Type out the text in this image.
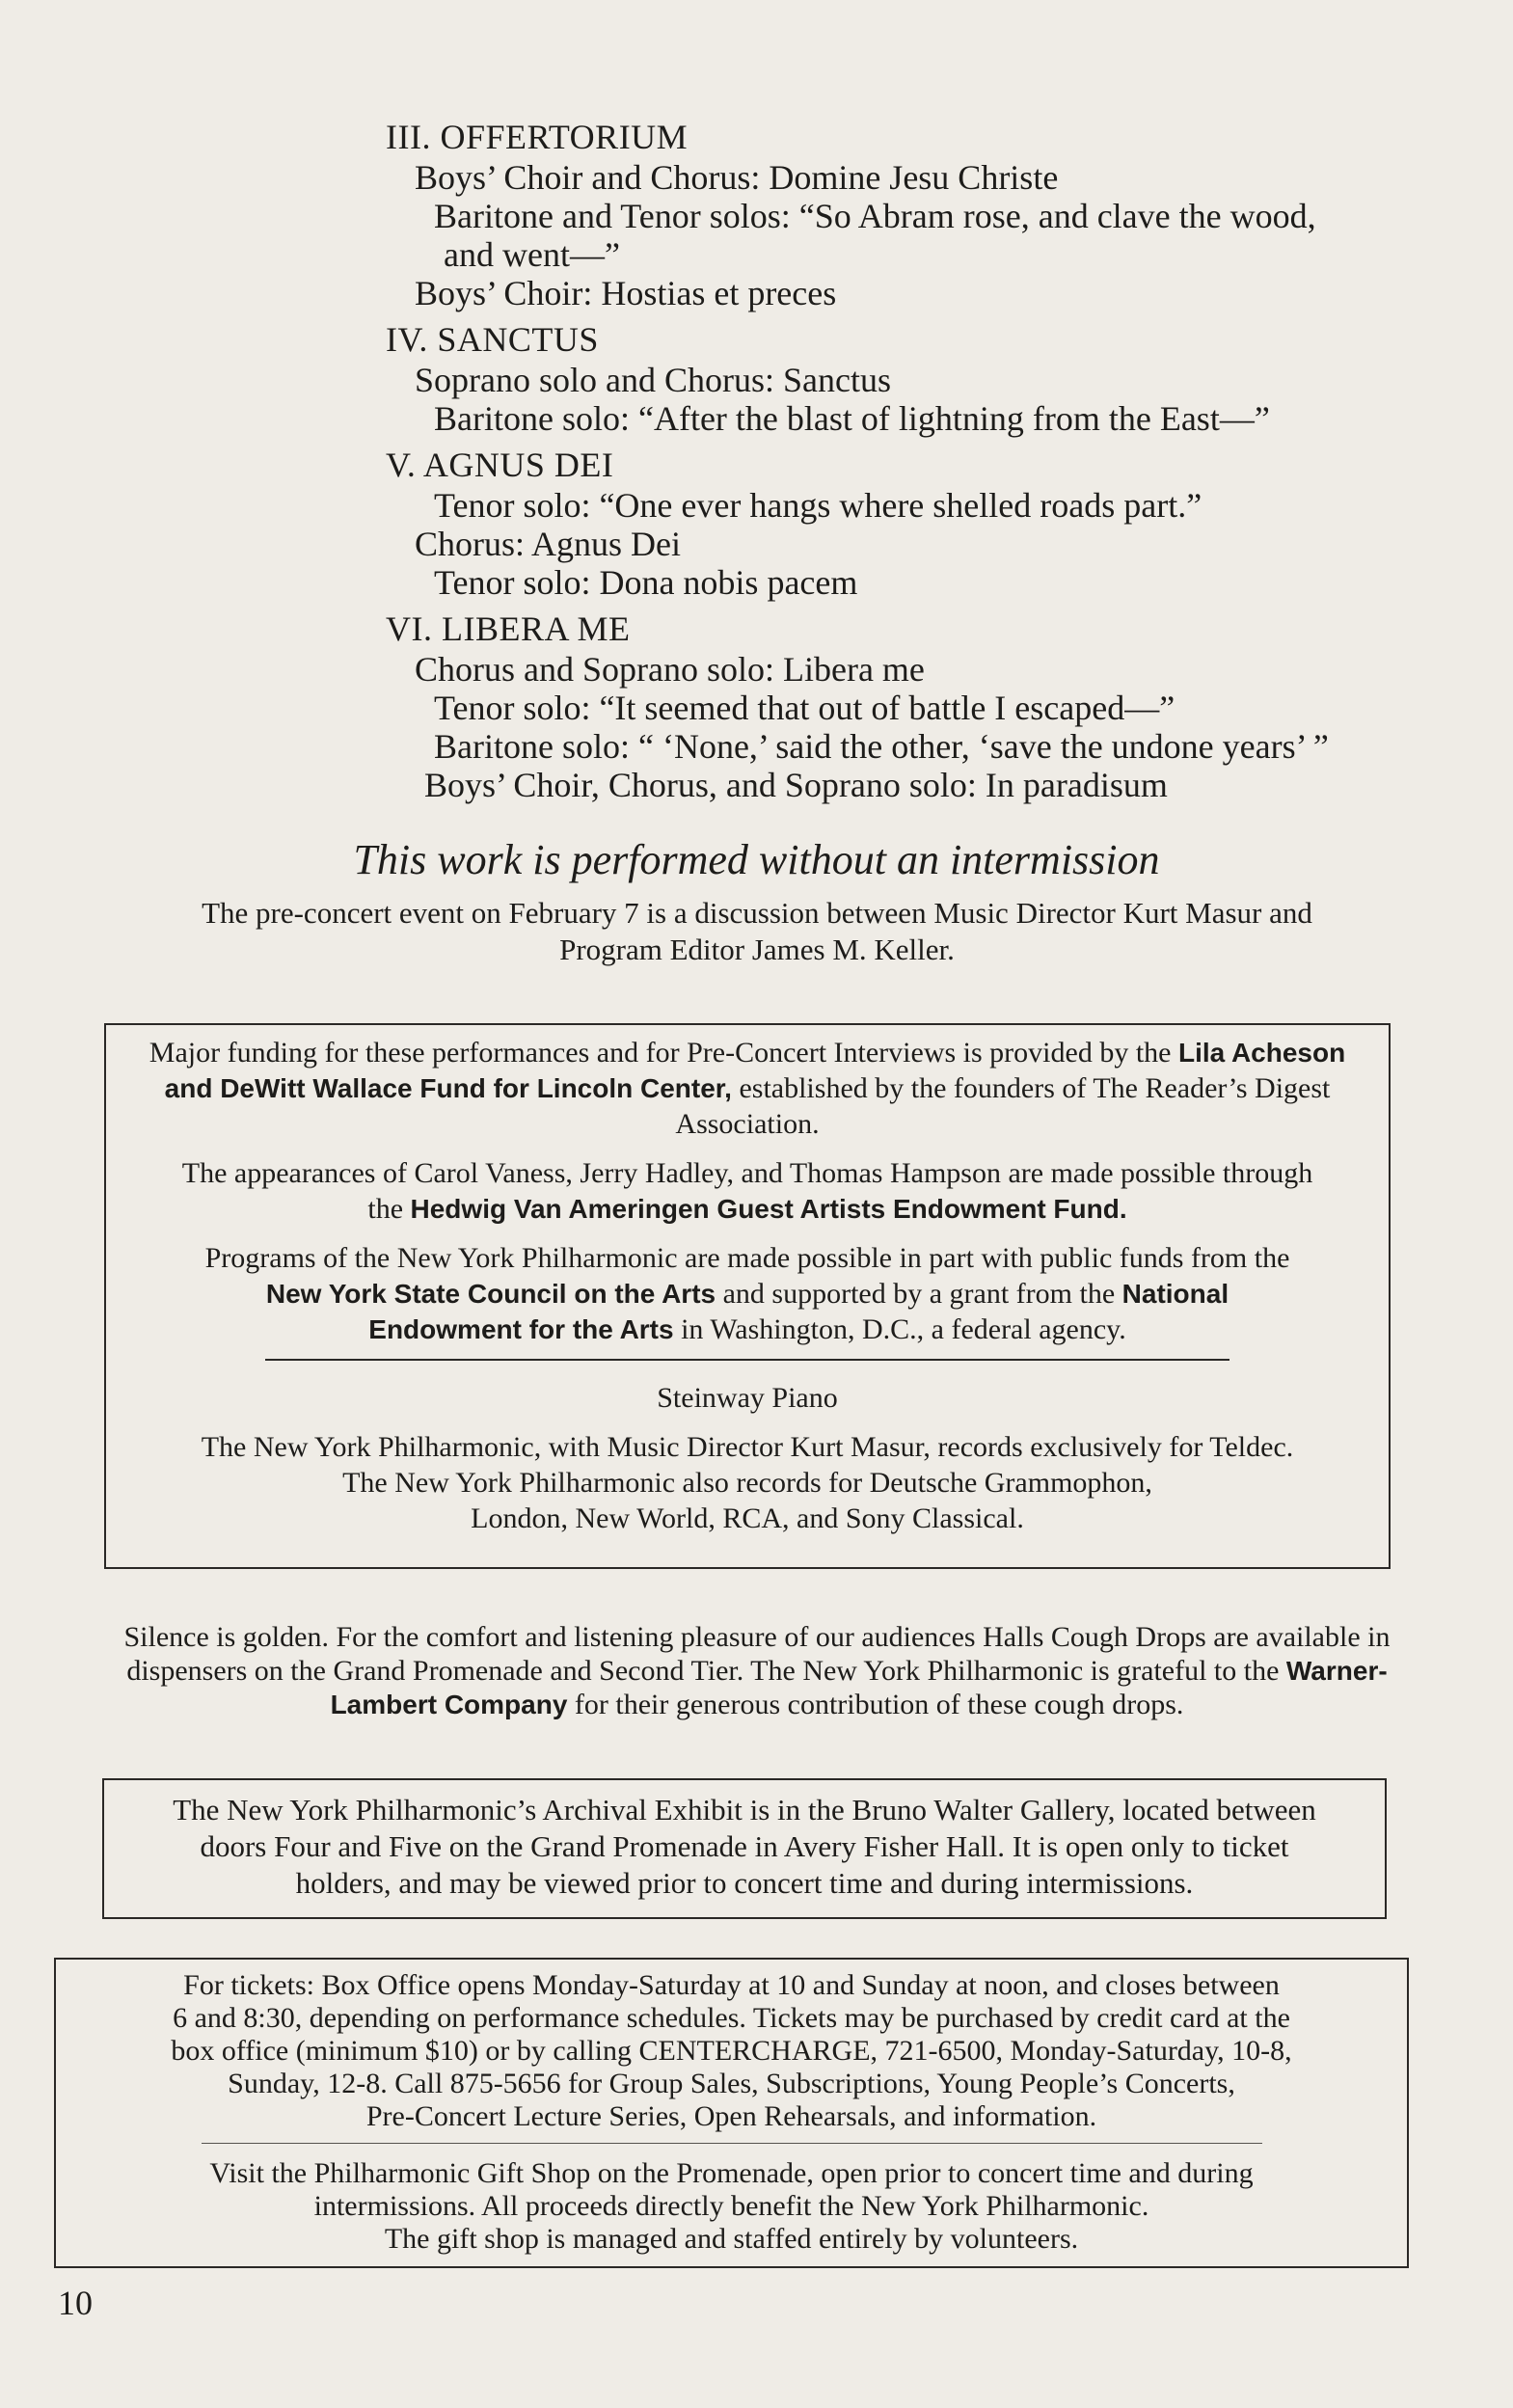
III. OFFERTORIUM

Boys’ Choir and Chorus: Domine Jesu Christe

Baritone and Tenor solos: “So Abram rose, and clave the wood,

and went—”

Boys’ Choir: Hostias et preces

IV. SANCTUS

Soprano solo and Chorus: Sanctus

Baritone solo: “After the blast of lightning from the East—”

V. AGNUS DEI

Tenor solo: “One ever hangs where shelled roads part.”

Chorus: Agnus Dei

Tenor solo: Dona nobis pacem

VI. LIBERA ME

Chorus and Soprano solo: Libera me

Tenor solo: “It seemed that out of battle I escaped—”

Baritone solo: “ ‘None,’ said the other, ‘save the undone years’ ”

Boys’ Choir, Chorus, and Soprano solo: In paradisum

This work is performed without an intermission
The pre-concert event on February 7 is a discussion between Music Director Kurt Masur and
Program Editor James M. Keller.

Major funding for these performances and for Pre-Concert Interviews is provided by the Lila Acheson and DeWitt Wallace Fund for Lincoln Center, established by the founders of The Reader’s Digest Association.

The appearances of Carol Vaness, Jerry Hadley, and Thomas Hampson are made possible through the Hedwig Van Ameringen Guest Artists Endowment Fund.

Programs of the New York Philharmonic are made possible in part with public funds from the New York State Council on the Arts and supported by a grant from the National Endowment for the Arts in Washington, D.C., a federal agency.

Steinway Piano

The New York Philharmonic, with Music Director Kurt Masur, records exclusively for Teldec.

The New York Philharmonic also records for Deutsche Grammophon,

London, New World, RCA, and Sony Classical.

Silence is golden. For the comfort and listening pleasure of our audiences Halls Cough Drops are available in dispensers on the Grand Promenade and Second Tier. The New York Philharmonic is grateful to the Warner-Lambert Company for their generous contribution of these cough drops.

The New York Philharmonic’s Archival Exhibit is in the Bruno Walter Gallery, located between

doors Four and Five on the Grand Promenade in Avery Fisher Hall. It is open only to ticket

holders, and may be viewed prior to concert time and during intermissions.

For tickets: Box Office opens Monday-Saturday at 10 and Sunday at noon, and closes between

6 and 8:30, depending on performance schedules. Tickets may be purchased by credit card at the

box office (minimum $10) or by calling CENTERCHARGE, 721-6500, Monday-Saturday, 10-8,

Sunday, 12-8. Call 875-5656 for Group Sales, Subscriptions, Young People’s Concerts,

Pre-Concert Lecture Series, Open Rehearsals, and information.

Visit the Philharmonic Gift Shop on the Promenade, open prior to concert time and during

intermissions. All proceeds directly benefit the New York Philharmonic.

The gift shop is managed and staffed entirely by volunteers.

10
